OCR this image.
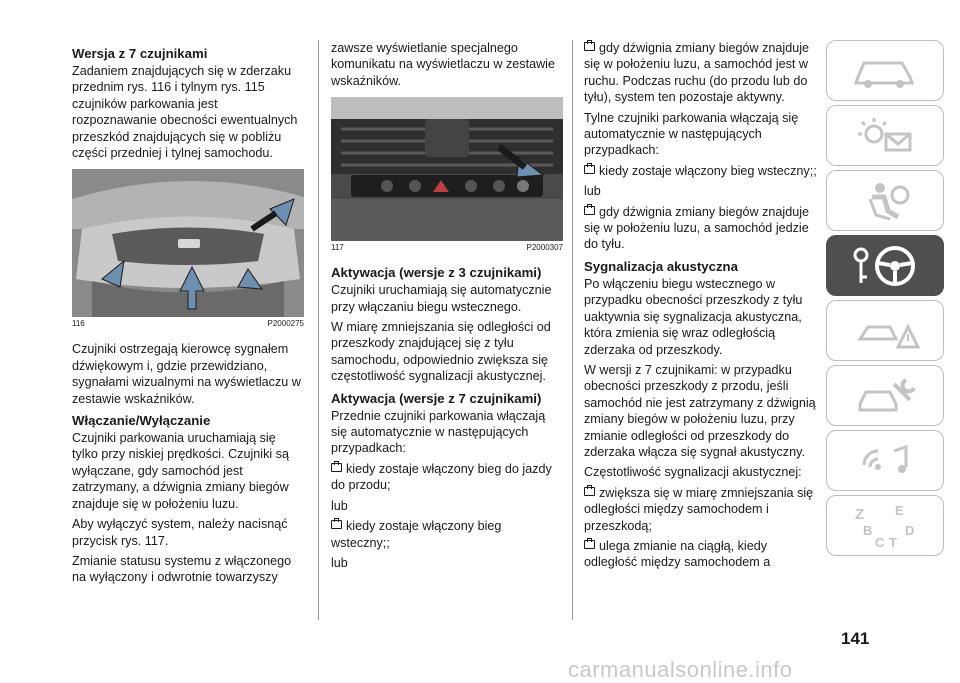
Wersja z 7 czujnikami

Zadaniem znajdujących się w zderzaku przednim rys. 116 i tylnym rys. 115 czujników parkowania jest rozpoznawanie obecności ewentualnych przeszkód znajdujących się w pobliżu części przedniej i tylnej samochodu.

116	P2000275

Czujniki ostrzegają kierowcę sygnałem dźwiękowym i, gdzie przewidziano, sygnałami wizualnymi na wyświetlaczu w zestawie wskaźników.

Włączanie/Wyłączanie

Czujniki parkowania uruchamiają się tylko przy niskiej prędkości. Czujniki są wyłączane, gdy samochód jest zatrzymany, a dźwignia zmiany biegów znajduje się w położeniu luzu.

Aby wyłączyć system, należy nacisnąć przycisk rys. 117.

Zmianie statusu systemu z włączonego na wyłączony i odwrotnie towarzyszy

zawsze wyświetlanie specjalnego komunikatu na wyświetlaczu w zestawie wskaźników.

117	P2000307
Aktywacja (wersje z 3 czujnikami)

Czujniki uruchamiają się automatycznie przy włączaniu biegu wstecznego.

W miarę zmniejszania się odległości od przeszkody znajdującej się z tyłu samochodu, odpowiednio zwiększa się częstotliwość sygnalizacji akustycznej.

Aktywacja (wersje z 7 czujnikami)

Przednie czujniki parkowania włączają się automatycznie w następujących przypadkach:

kiedy zostaje włączony bieg do jazdy do przodu;

lub

kiedy zostaje włączony bieg wsteczny;;

lub

gdy dźwignia zmiany biegów znajduje się w położeniu luzu, a samochód jest w ruchu. Podczas ruchu (do przodu lub do tyłu), system ten pozostaje aktywny.

Tylne czujniki parkowania włączają się automatycznie w następujących przypadkach:

kiedy zostaje włączony bieg wsteczny;;

lub

gdy dźwignia zmiany biegów znajduje się w położeniu luzu, a samochód jedzie do tyłu.

Sygnalizacja akustyczna

Po włączeniu biegu wstecznego w przypadku obecności przeszkody z tyłu uaktywnia się sygnalizacja akustyczna, która zmienia się wraz odległością zderzaka od przeszkody.

W wersji z 7 czujnikami: w przypadku obecności przeszkody z przodu, jeśli samochód nie jest zatrzymany z dźwignią zmiany biegów w położeniu luzu, przy zmianie odległości od przeszkody do zderzaka włącza się sygnał akustyczny.

Częstotliwość sygnalizacji akustycznej:

zwiększa się w miarę zmniejszania się odległości między samochodem i przeszkodą;

ulega zmianie na ciągłą, kiedy odległość między samochodem a

Z E
B
C
D
T
141
carmanualsonline.info
